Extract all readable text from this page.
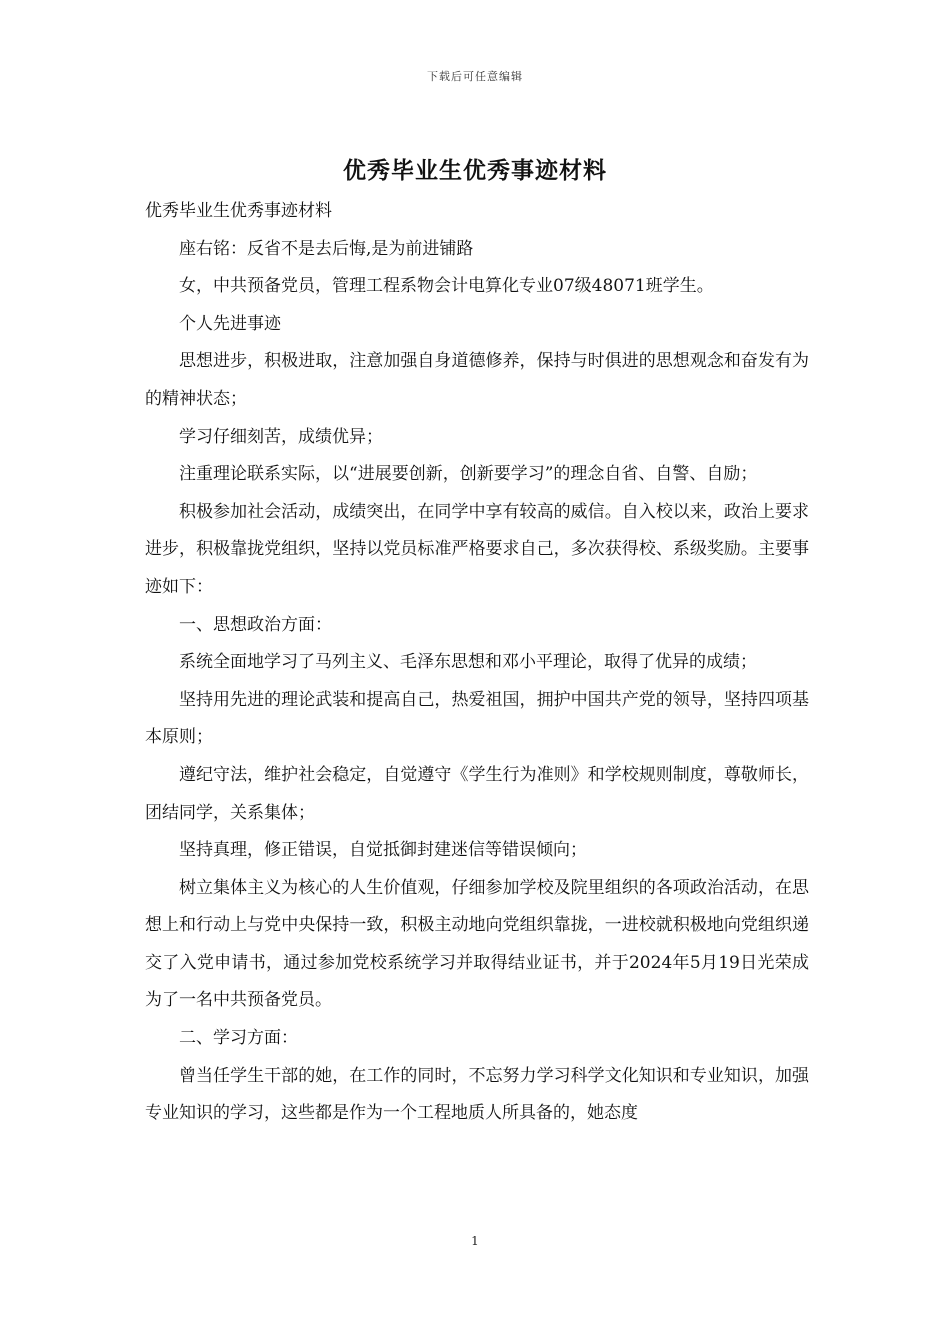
下载后可任意编辑
优秀毕业生优秀事迹材料

优秀毕业生优秀事迹材料

座右铭：反省不是去后悔,是为前进铺路

女，中共预备党员，管理工程系物会计电算化专业07级48071班学生。

个人先进事迹

思想进步，积极进取，注意加强自身道德修养，保持与时俱进的思想观念和奋发有为的精神状态；

学习仔细刻苦，成绩优异；

注重理论联系实际，以“进展要创新，创新要学习”的理念自省、自警、自励；

积极参加社会活动，成绩突出，在同学中享有较高的威信。自入校以来，政治上要求进步，积极靠拢党组织，坚持以党员标准严格要求自己，多次获得校、系级奖励。主要事迹如下：

一、思想政治方面：

系统全面地学习了马列主义、毛泽东思想和邓小平理论，取得了优异的成绩；

坚持用先进的理论武装和提高自己，热爱祖国，拥护中国共产党的领导，坚持四项基本原则；

遵纪守法，维护社会稳定，自觉遵守《学生行为准则》和学校规则制度，尊敬师长，团结同学，关系集体；

坚持真理，修正错误，自觉抵御封建迷信等错误倾向；

树立集体主义为核心的人生价值观，仔细参加学校及院里组织的各项政治活动，在思想上和行动上与党中央保持一致，积极主动地向党组织靠拢，一进校就积极地向党组织递交了入党申请书，通过参加党校系统学习并取得结业证书，并于2024年5月19日光荣成为了一名中共预备党员。

二、学习方面：

曾当任学生干部的她，在工作的同时，不忘努力学习科学文化知识和专业知识，加强专业知识的学习，这些都是作为一个工程地质人所具备的，她态度

1
